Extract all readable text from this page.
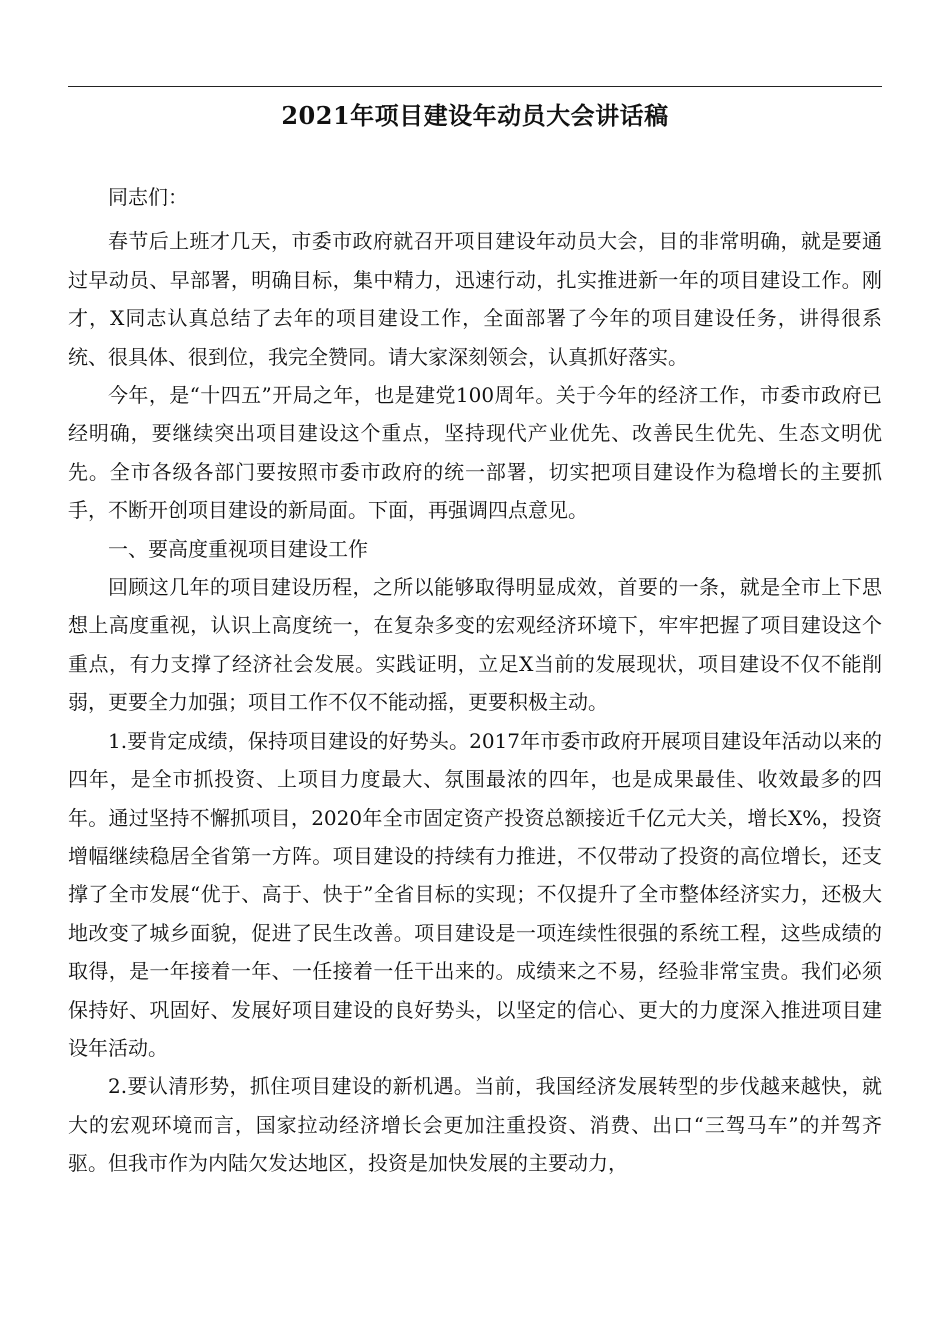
2021年项目建设年动员大会讲话稿

同志们：

春节后上班才几天，市委市政府就召开项目建设年动员大会，目的非常明确，就是要通过早动员、早部署，明确目标，集中精力，迅速行动，扎实推进新一年的项目建设工作。刚才，X同志认真总结了去年的项目建设工作，全面部署了今年的项目建设任务，讲得很系统、很具体、很到位，我完全赞同。请大家深刻领会，认真抓好落实。

今年，是“十四五”开局之年，也是建党100周年。关于今年的经济工作，市委市政府已经明确，要继续突出项目建设这个重点，坚持现代产业优先、改善民生优先、生态文明优先。全市各级各部门要按照市委市政府的统一部署，切实把项目建设作为稳增长的主要抓手，不断开创项目建设的新局面。下面，再强调四点意见。

一、要高度重视项目建设工作

回顾这几年的项目建设历程，之所以能够取得明显成效，首要的一条，就是全市上下思想上高度重视，认识上高度统一，在复杂多变的宏观经济环境下，牢牢把握了项目建设这个重点，有力支撑了经济社会发展。实践证明，立足X当前的发展现状，项目建设不仅不能削弱，更要全力加强；项目工作不仅不能动摇，更要积极主动。

1.要肯定成绩，保持项目建设的好势头。2017年市委市政府开展项目建设年活动以来的四年，是全市抓投资、上项目力度最大、氛围最浓的四年，也是成果最佳、收效最多的四年。通过坚持不懈抓项目，2020年全市固定资产投资总额接近千亿元大关，增长X%，投资增幅继续稳居全省第一方阵。项目建设的持续有力推进，不仅带动了投资的高位增长，还支撑了全市发展“优于、高于、快于”全省目标的实现；不仅提升了全市整体经济实力，还极大地改变了城乡面貌，促进了民生改善。项目建设是一项连续性很强的系统工程，这些成绩的取得，是一年接着一年、一任接着一任干出来的。成绩来之不易，经验非常宝贵。我们必须保持好、巩固好、发展好项目建设的良好势头，以坚定的信心、更大的力度深入推进项目建设年活动。

2.要认清形势，抓住项目建设的新机遇。当前，我国经济发展转型的步伐越来越快，就大的宏观环境而言，国家拉动经济增长会更加注重投资、消费、出口“三驾马车”的并驾齐驱。但我市作为内陆欠发达地区，投资是加快发展的主要动力，
